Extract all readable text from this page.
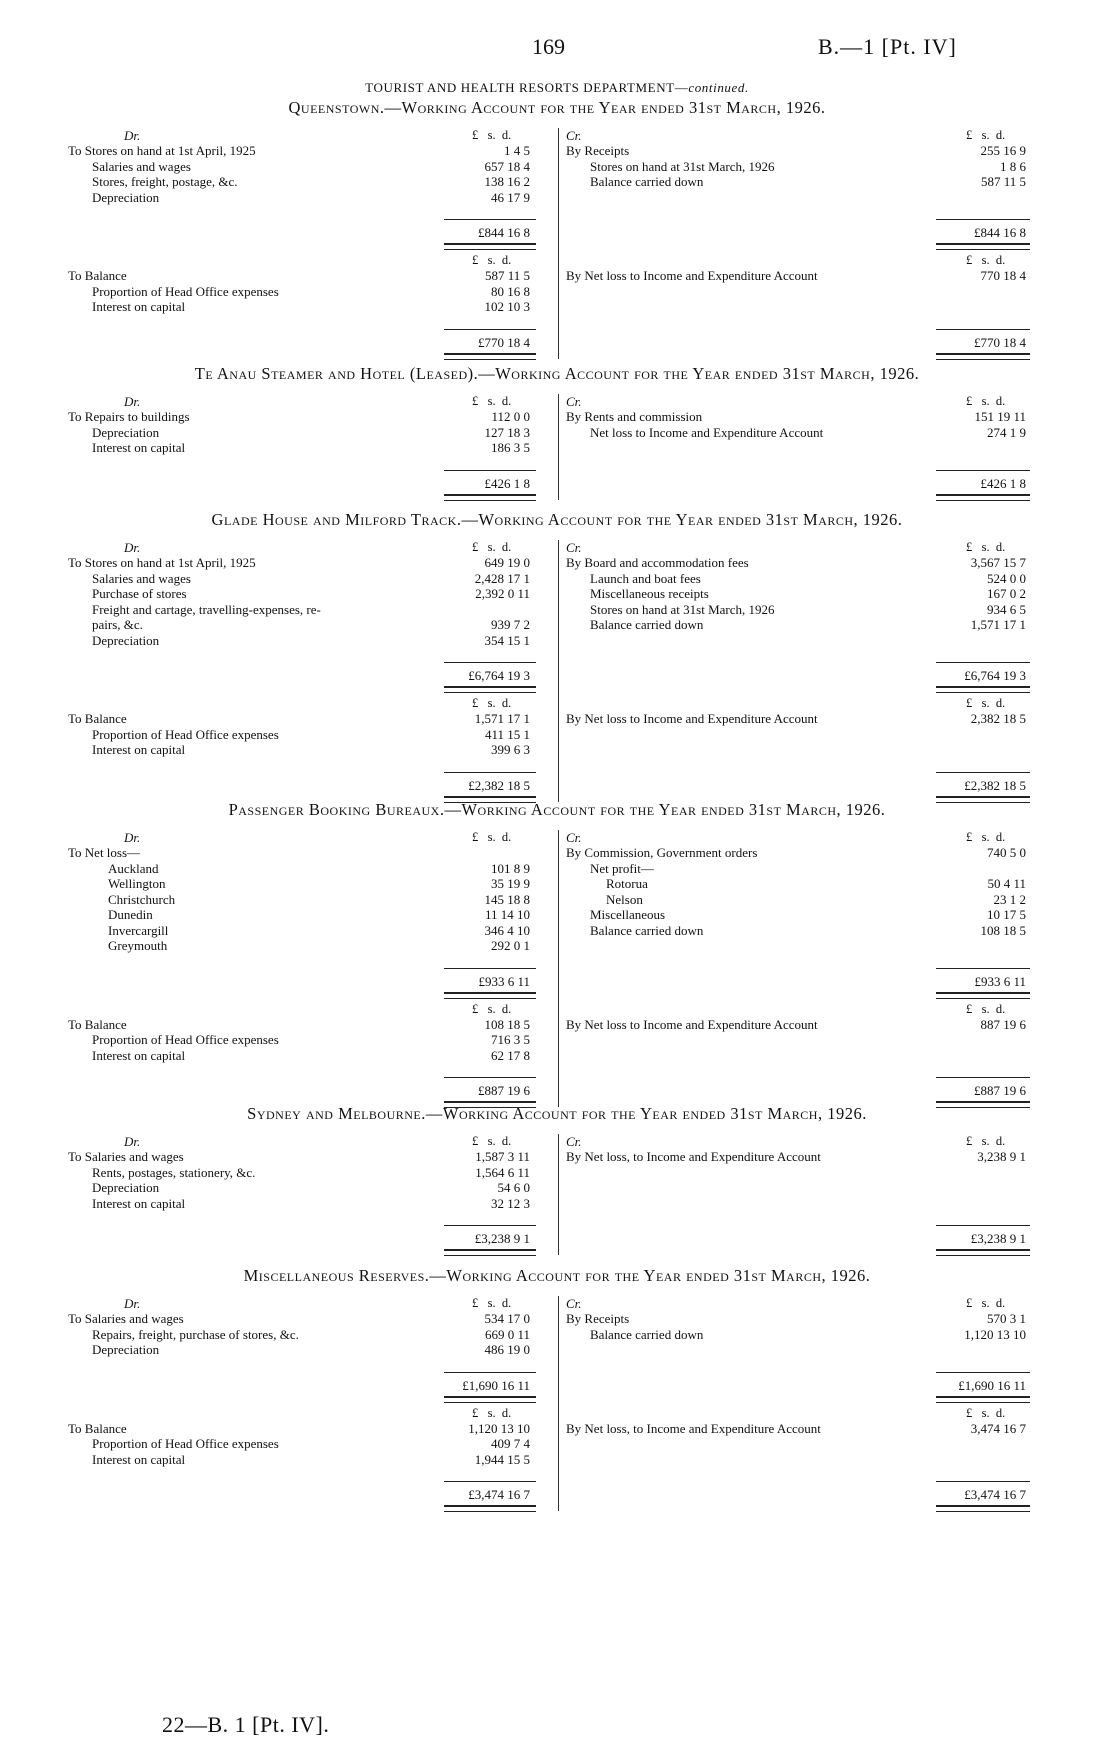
169	B.—1 [Pt. IV]
TOURIST AND HEALTH RESORTS DEPARTMENT—continued.
Queenstown.—Working Account for the Year ended 31st March, 1926.
Dr.	£   s.  d.
To Stores on hand at 1st April, 1925	1 4 5
Salaries and wages	657 18 4
Stores, freight, postage, &c.	138 16 2
Depreciation	46 17 9
Cr.	£   s.  d.
By Receipts	255 16 9
Stores on hand at 31st March, 1926	1 8 6
Balance carried down	587 11 5
£844 16 8	£844 16 8
£   s.  d.
To Balance	587 11 5
Proportion of Head Office expenses	80 16 8
Interest on capital	102 10 3
£   s.  d.
By Net loss to Income and Expenditure Account	770 18 4
£770 18 4	£770 18 4
Te Anau Steamer and Hotel (Leased).—Working Account for the Year ended 31st March, 1926.
Dr.	£   s.  d.
To Repairs to buildings	112 0 0
Depreciation	127 18 3
Interest on capital	186 3 5
Cr.	£   s.  d.
By Rents and commission	151 19 11
Net loss to Income and Expenditure Account	274 1 9
£426 1 8	£426 1 8
Glade House and Milford Track.—Working Account for the Year ended 31st March, 1926.
Dr.	£   s.  d.
To Stores on hand at 1st April, 1925	649 19 0
Salaries and wages	2,428 17 1
Purchase of stores	2,392 0 11
Freight and cartage, travelling-expenses, re-
pairs, &c.	939 7 2
Depreciation	354 15 1
Cr.	£   s.  d.
By Board and accommodation fees	3,567 15 7
Launch and boat fees	524 0 0
Miscellaneous receipts	167 0 2
Stores on hand at 31st March, 1926	934 6 5
Balance carried down	1,571 17 1
£6,764 19 3	£6,764 19 3
£   s.  d.
To Balance	1,571 17 1
Proportion of Head Office expenses	411 15 1
Interest on capital	399 6 3
£   s.  d.
By Net loss to Income and Expenditure Account	2,382 18 5
£2,382 18 5	£2,382 18 5
Passenger Booking Bureaux.—Working Account for the Year ended 31st March, 1926.
Dr.	£   s.  d.
To Net loss—
Auckland	101 8 9
Wellington	35 19 9
Christchurch	145 18 8
Dunedin	11 14 10
Invercargill	346 4 10
Greymouth	292 0 1
Cr.	£   s.  d.
By Commission, Government orders	740 5 0
Net profit—
Rotorua	50 4 11
Nelson	23 1 2
Miscellaneous	10 17 5
Balance carried down	108 18 5
£933 6 11	£933 6 11
£   s.  d.
To Balance	108 18 5
Proportion of Head Office expenses	716 3 5
Interest on capital	62 17 8
£   s.  d.
By Net loss to Income and Expenditure Account	887 19 6
£887 19 6	£887 19 6
Sydney and Melbourne.—Working Account for the Year ended 31st March, 1926.
Dr.	£   s.  d.
To Salaries and wages	1,587 3 11
Rents, postages, stationery, &c.	1,564 6 11
Depreciation	54 6 0
Interest on capital	32 12 3
Cr.	£   s.  d.
By Net loss, to Income and Expenditure Account	3,238 9 1
£3,238 9 1	£3,238 9 1
Miscellaneous Reserves.—Working Account for the Year ended 31st March, 1926.
Dr.	£   s.  d.
To Salaries and wages	534 17 0
Repairs, freight, purchase of stores, &c.	669 0 11
Depreciation	486 19 0
Cr.	£   s.  d.
By Receipts	570 3 1
Balance carried down	1,120 13 10
£1,690 16 11	£1,690 16 11
£   s.  d.
To Balance	1,120 13 10
Proportion of Head Office expenses	409 7 4
Interest on capital	1,944 15 5
£   s.  d.
By Net loss, to Income and Expenditure Account	3,474 16 7
£3,474 16 7	£3,474 16 7
22—B. 1 [Pt. IV].
